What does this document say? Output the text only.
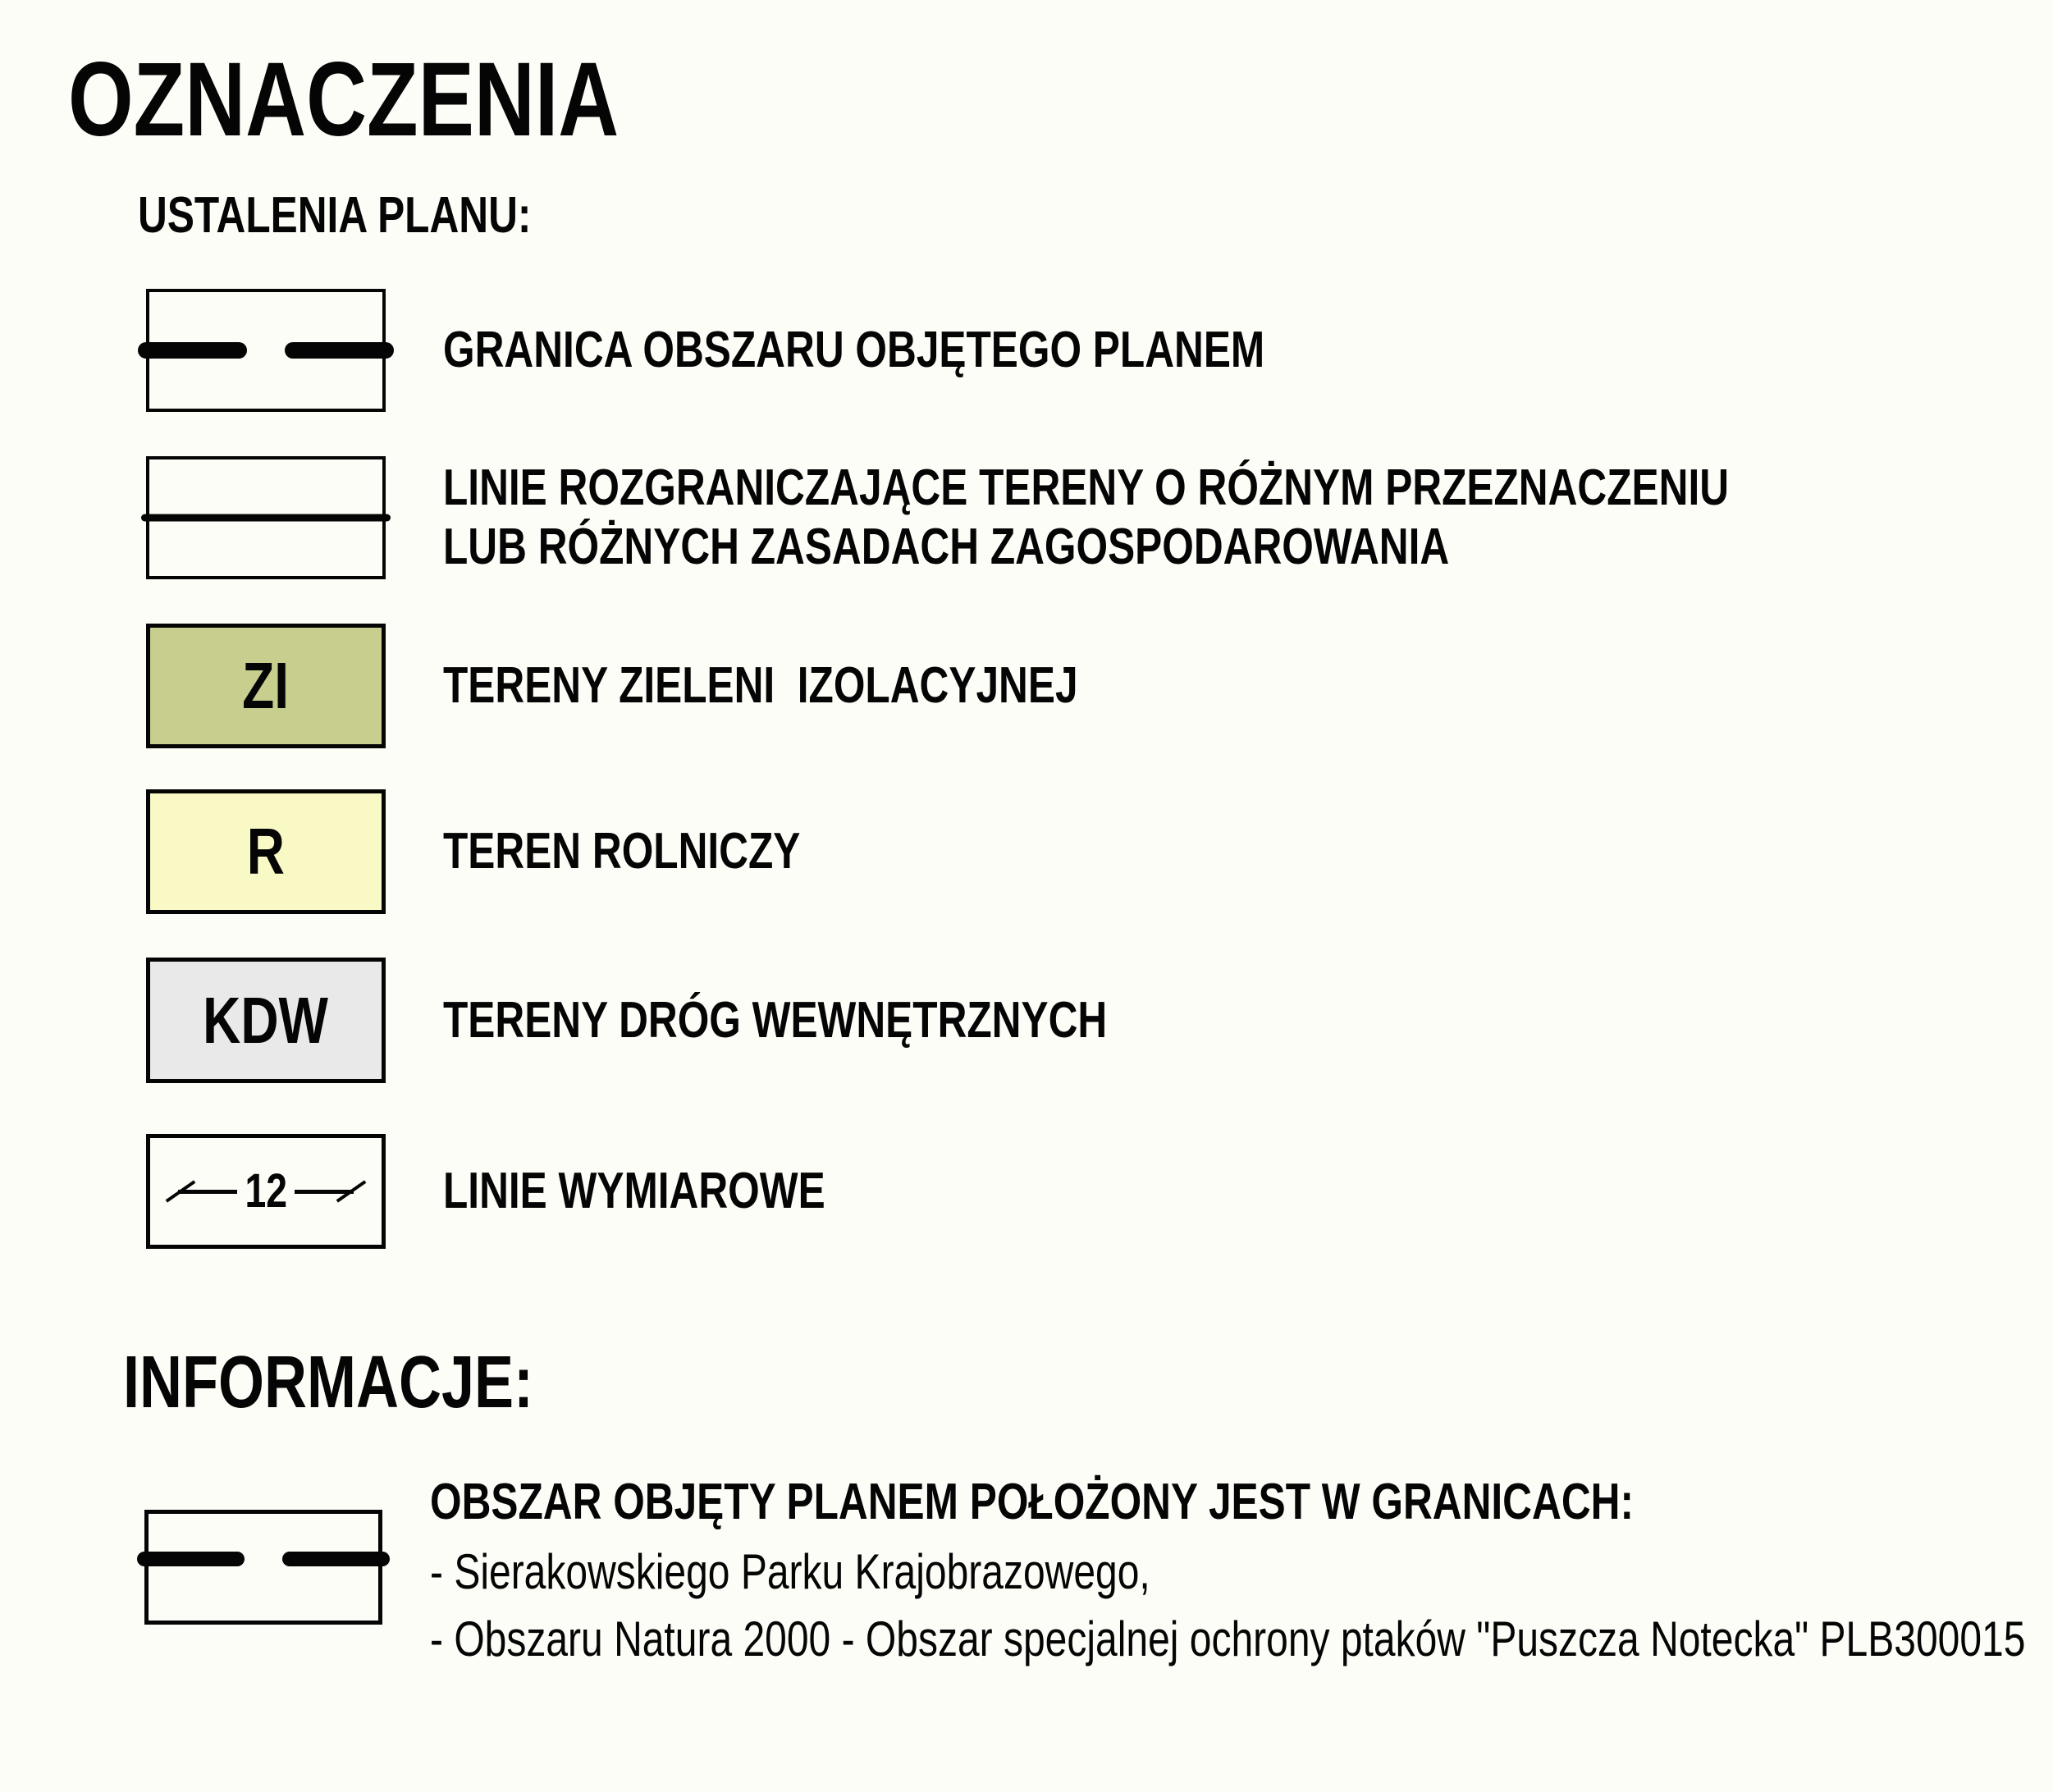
OZNACZENIA
USTALENIA PLANU:
GRANICA OBSZARU OBJĘTEGO PLANEM
LINIE ROZGRANICZAJĄCE TERENY O RÓŻNYM PRZEZNACZENIU
LUB RÓŻNYCH ZASADACH ZAGOSPODAROWANIA
ZI	TERENY ZIELENI  IZOLACYJNEJ
R	TEREN ROLNICZY
KDW	TERENY DRÓG WEWNĘTRZNYCH
12	LINIE WYMIAROWE
INFORMACJE:
OBSZAR OBJĘTY PLANEM POŁOŻONY JEST W GRANICACH:
- Sierakowskiego Parku Krajobrazowego,
- Obszaru Natura 2000 - Obszar specjalnej ochrony ptaków "Puszcza Notecka" PLB300015
